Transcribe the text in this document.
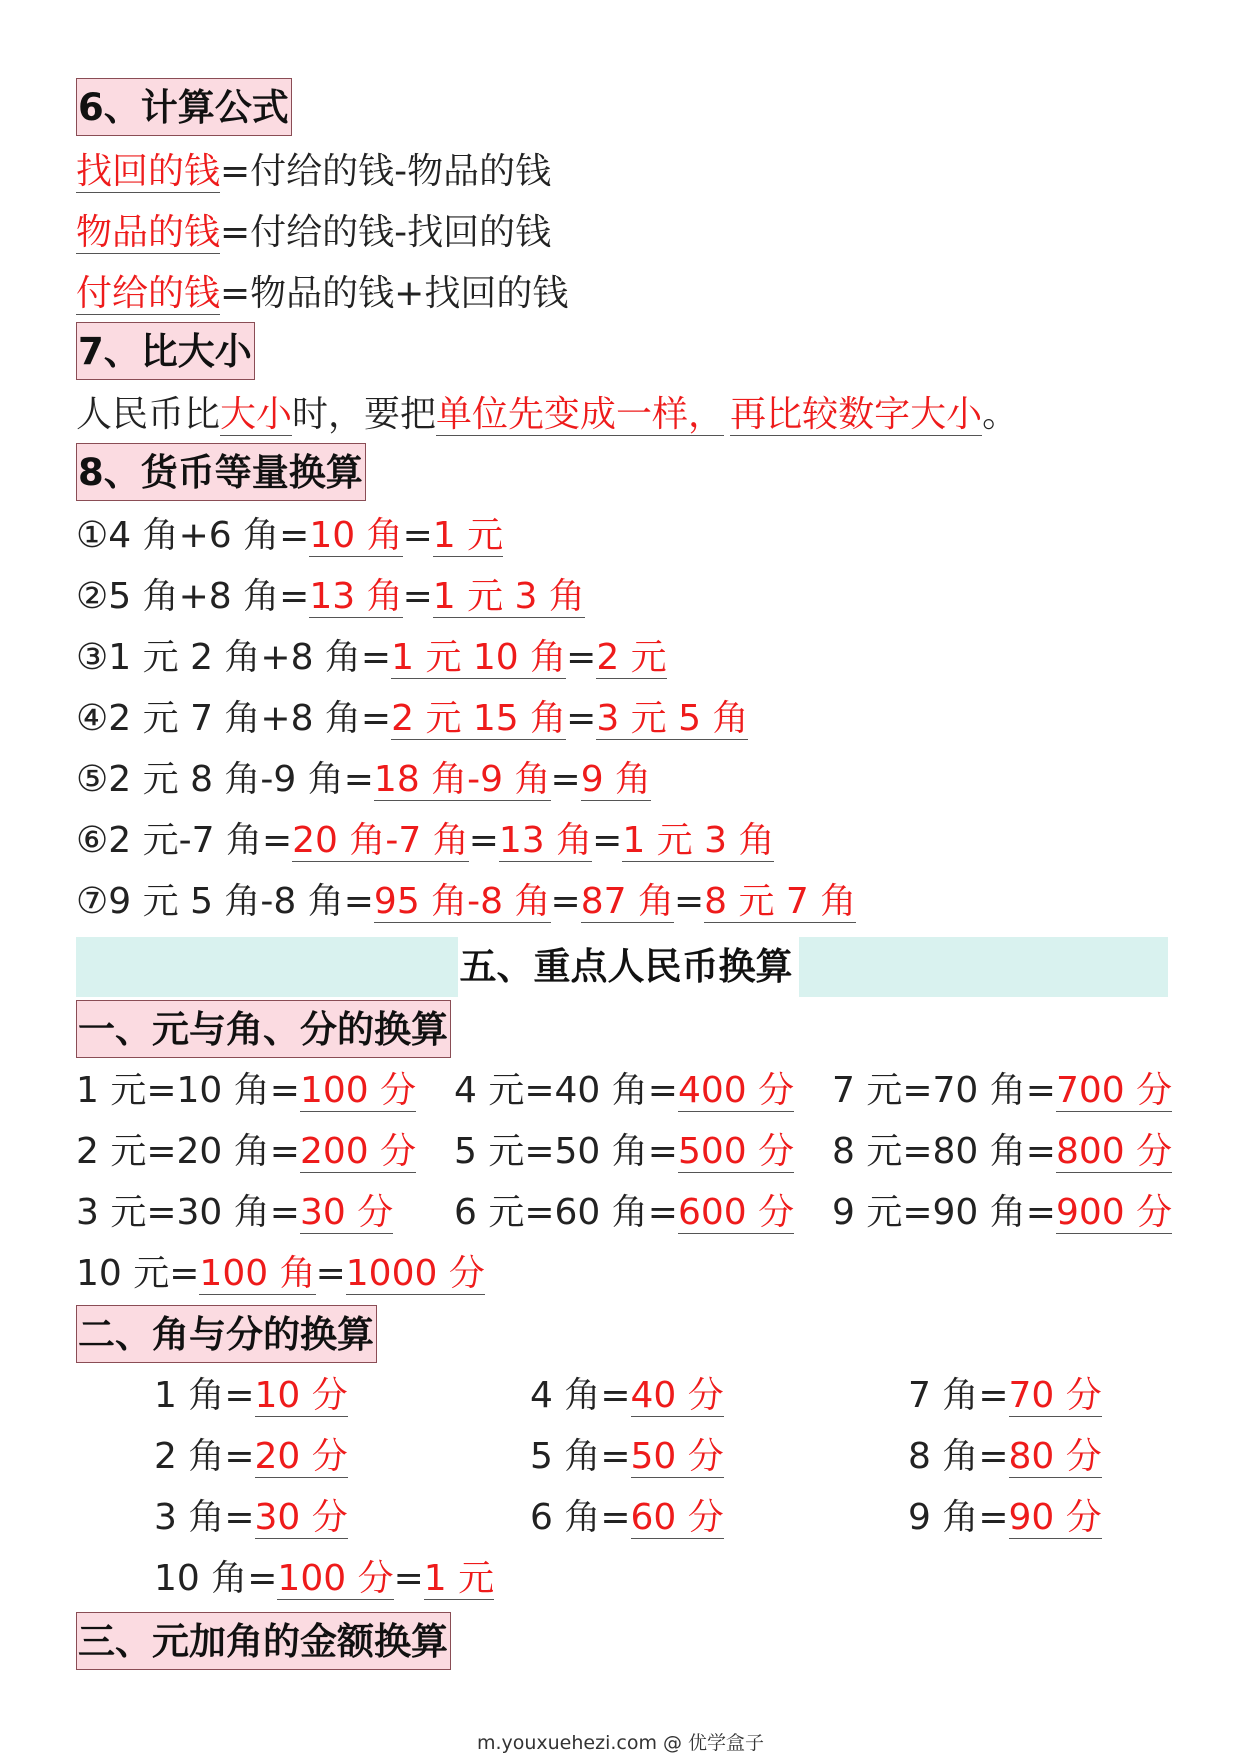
6、计算公式
找回的钱=付给的钱-物品的钱
物品的钱=付给的钱-找回的钱
付给的钱=物品的钱+找回的钱
7、比大小
人民币比大小时，要把单位先变成一样， 再比较数字大小。
8、货币等量换算
①4 角+6 角=10 角=1 元
②5 角+8 角=13 角=1 元 3 角
③1 元 2 角+8 角=1 元 10 角=2 元
④2 元 7 角+8 角=2 元 15 角=3 元 5 角
⑤2 元 8 角-9 角=18 角-9 角=9 角
⑥2 元-7 角=20 角-7 角=13 角=1 元 3 角
⑦9 元 5 角-8 角=95 角-8 角=87 角=8 元 7 角
五、重点人民币换算
一、元与角、分的换算
1 元=10 角=100 分 4 元=40 角=400 分 7 元=70 角=700 分
2 元=20 角=200 分 5 元=50 角=500 分 8 元=80 角=800 分
3 元=30 角=30 分 6 元=60 角=600 分 9 元=90 角=900 分
10 元=100 角=1000 分
二、角与分的换算
1 角=10 分	4 角=40 分	7 角=70 分
2 角=20 分	5 角=50 分	8 角=80 分
3 角=30 分	6 角=60 分	9 角=90 分
10 角=100 分=1 元
三、元加角的金额换算
m.youxuehezi.com @ 优学盒子
